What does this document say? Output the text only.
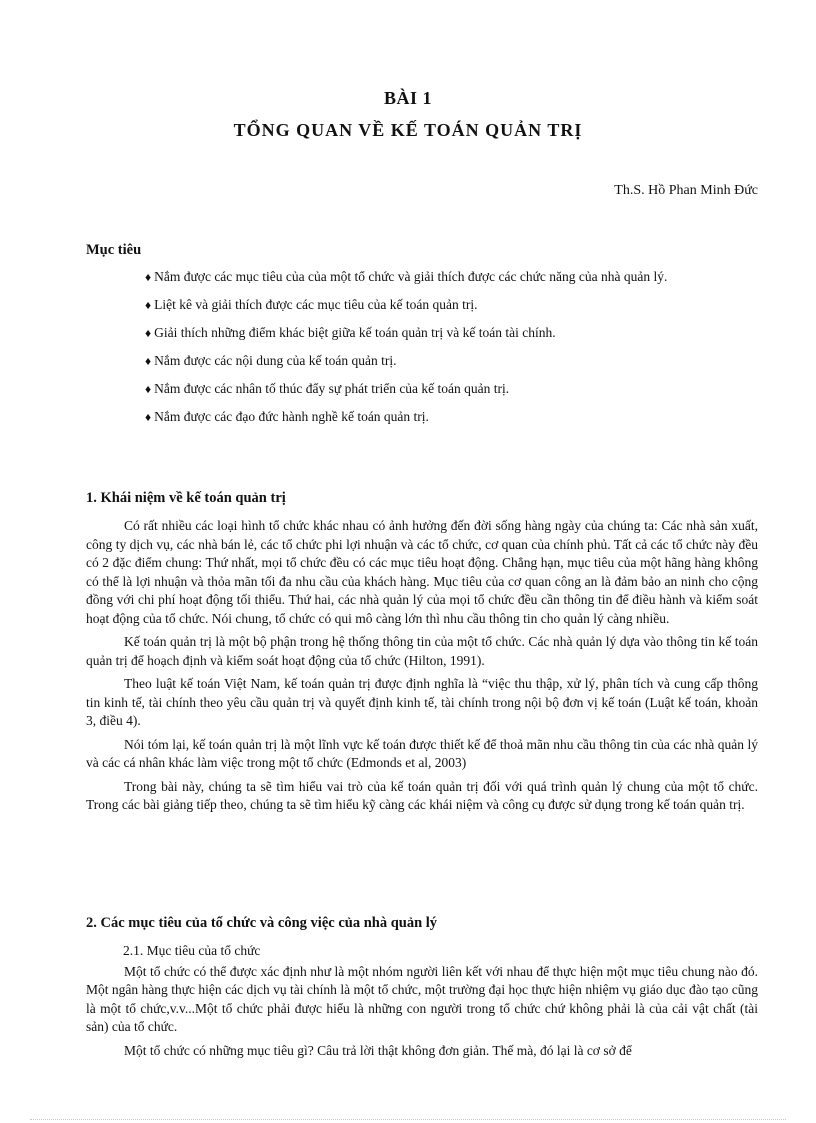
BÀI 1
TỔNG QUAN VỀ KẾ TOÁN QUẢN TRỊ
Th.S. Hồ Phan Minh Đức
Mục tiêu
♦ Nắm được các mục tiêu của của một tổ chức và giải thích được các chức năng của nhà quản lý.
♦ Liệt kê và giải thích được các mục tiêu của kế toán quản trị.
♦ Giải thích những điểm khác biệt giữa kế toán quản trị và kế toán tài chính.
♦ Nắm được các nội dung của kế toán quản trị.
♦ Nắm được các nhân tố thúc đẩy sự phát triển của kế toán quản trị.
♦ Nắm được các đạo đức hành nghề kế toán quản trị.

1. Khái niệm về kế toán quản trị

Có rất nhiều các loại hình tổ chức khác nhau có ảnh hưởng đến đời sống hàng ngày của chúng ta: Các nhà sản xuất, công ty dịch vụ, các nhà bán lẻ, các tổ chức phi lợi nhuận và các tổ chức, cơ quan của chính phủ. Tất cả các tổ chức này đều có 2 đặc điểm chung: Thứ nhất, mọi tổ chức đều có các mục tiêu hoạt động. Chẳng hạn, mục tiêu của một hãng hàng không có thể là lợi nhuận và thỏa mãn tối đa nhu cầu của khách hàng. Mục tiêu của cơ quan công an là đảm bảo an ninh cho cộng đồng với chi phí hoạt động tối thiểu. Thứ hai, các nhà quản lý của mọi tổ chức đều cần thông tin để điều hành và kiểm soát hoạt động của tổ chức. Nói chung, tổ chức có qui mô càng lớn thì nhu cầu thông tin cho quản lý càng nhiều.

Kế toán quản trị là một bộ phận trong hệ thống thông tin của một tổ chức. Các nhà quản lý dựa vào thông tin kế toán quản trị để hoạch định và kiểm soát hoạt động của tổ chức (Hilton, 1991).

Theo luật kế toán Việt Nam, kế toán quản trị được định nghĩa là “việc thu thập, xử lý, phân tích và cung cấp thông tin kinh tế, tài chính theo yêu cầu quản trị và quyết định kinh tế, tài chính trong nội bộ đơn vị kế toán (Luật kế toán, khoản 3, điều 4).

Nói tóm lại, kế toán quản trị là một lĩnh vực kế toán được thiết kế để thoả mãn nhu cầu thông tin của các nhà quản lý và các cá nhân khác làm việc trong một tổ chức (Edmonds et al, 2003)

Trong bài này, chúng ta sẽ tìm hiểu vai trò của kế toán quản trị đối với quá trình quản lý chung của một tổ chức. Trong các bài giảng tiếp theo, chúng ta sẽ tìm hiểu kỹ càng các khái niệm và công cụ được sử dụng trong kế toán quản trị.

2. Các mục tiêu của tổ chức và công việc của nhà quản lý

2.1. Mục tiêu của tổ chức

Một tổ chức có thể được xác định như là một nhóm người liên kết với nhau để thực hiện một mục tiêu chung nào đó. Một ngân hàng thực hiện các dịch vụ tài chính là một tổ chức, một trường đại học thực hiện nhiệm vụ giáo dục đào tạo cũng là một tổ chức,v.v...Một tổ chức phải được hiểu là những con người trong tổ chức chứ không phải là của cải vật chất (tài sản) của tổ chức.

Một tổ chức có những mục tiêu gì? Câu trả lời thật không đơn giản. Thế mà, đó lại là cơ sở để
